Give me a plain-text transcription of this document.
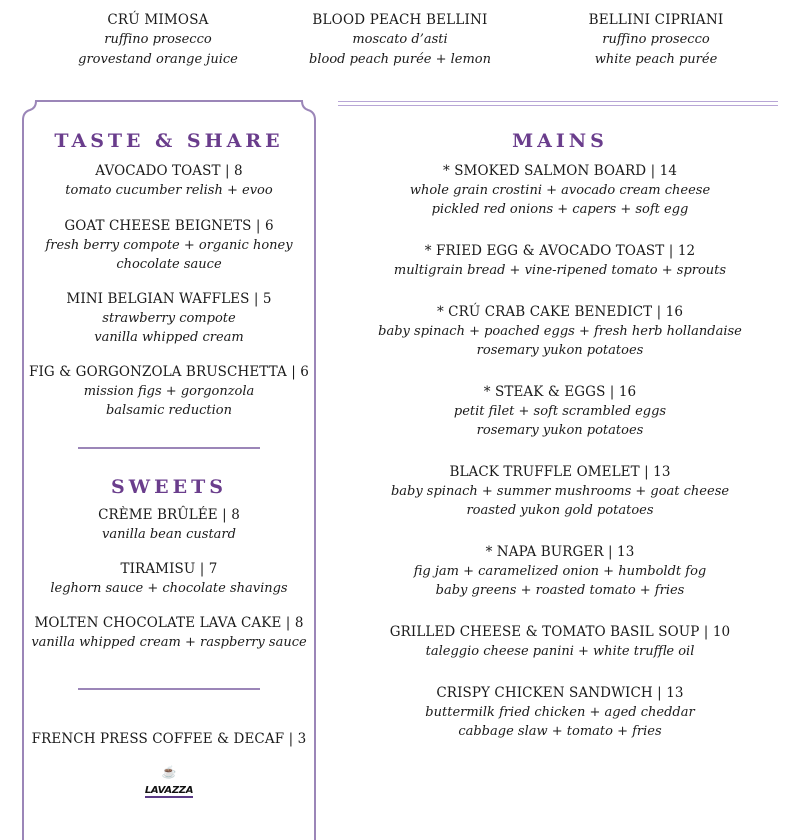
CRÚ MIMOSA
ruffino prosecco
grovestand orange juice
BLOOD PEACH BELLINI
moscato d’asti
blood peach purée + lemon
BELLINI CIPRIANI
ruffino prosecco
white peach purée
TASTE & SHARE
AVOCADO TOAST | 8
tomato cucumber relish + evoo
GOAT CHEESE BEIGNETS | 6
fresh berry compote + organic honey
chocolate sauce
MINI BELGIAN WAFFLES | 5
strawberry compote
vanilla whipped cream
FIG & GORGONZOLA BRUSCHETTA | 6
mission figs + gorgonzola
balsamic reduction
SWEETS
CRÈME BRÛLÉE | 8
vanilla bean custard
TIRAMISU | 7
leghorn sauce + chocolate shavings
MOLTEN CHOCOLATE LAVA CAKE | 8
vanilla whipped cream + raspberry sauce
FRENCH PRESS COFFEE & DECAF | 3
☕
LAVAZZA
MAINS
* SMOKED SALMON BOARD | 14
whole grain crostini + avocado cream cheese
pickled red onions + capers + soft egg
* FRIED EGG & AVOCADO TOAST | 12
multigrain bread + vine-ripened tomato + sprouts
* CRÚ CRAB CAKE BENEDICT | 16
baby spinach + poached eggs + fresh herb hollandaise
rosemary yukon potatoes
* STEAK & EGGS | 16
petit filet + soft scrambled eggs
rosemary yukon potatoes
BLACK TRUFFLE OMELET | 13
baby spinach + summer mushrooms + goat cheese
roasted yukon gold potatoes
* NAPA BURGER | 13
fig jam + caramelized onion + humboldt fog
baby greens + roasted tomato + fries
GRILLED CHEESE & TOMATO BASIL SOUP | 10
taleggio cheese panini + white truffle oil
CRISPY CHICKEN SANDWICH | 13
buttermilk fried chicken + aged cheddar
cabbage slaw + tomato + fries
